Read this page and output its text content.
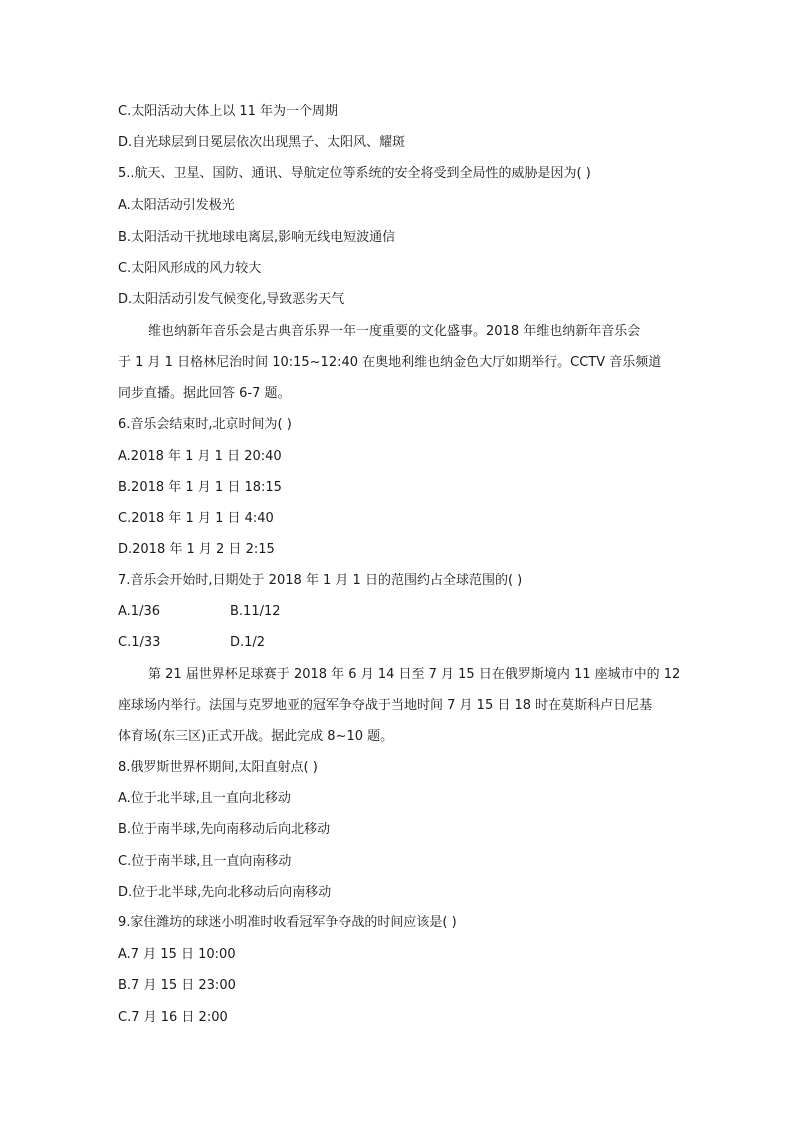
C.太阳活动大体上以 11 年为一个周期
D.自光球层到日冕层依次出现黑子、太阳风、耀斑
5..航天、卫星、国防、通讯、导航定位等系统的安全将受到全局性的威胁是因为( )
A.太阳活动引发极光
B.太阳活动干扰地球电离层,影响无线电短波通信
C.太阳风形成的风力较大
D.太阳活动引发气候变化,导致恶劣天气
维也纳新年音乐会是古典音乐界一年一度重要的文化盛事。2018 年维也纳新年音乐会
于 1 月 1 日格林尼治时间 10:15~12:40 在奥地利维也纳金色大厅如期举行。CCTV 音乐频道
同步直播。据此回答 6-7 题。
6.音乐会结束时,北京时间为( )
A.2018 年 1 月 1 日 20:40
B.2018 年 1 月 1 日 18:15
C.2018 年 1 月 1 日 4:40
D.2018 年 1 月 2 日 2:15
7.音乐会开始时,日期处于 2018 年 1 月 1 日的范围约占全球范围的( )
A.1/36	B.11/12
C.1/33	D.1/2
第 21 届世界杯足球赛于 2018 年 6 月 14 日至 7 月 15 日在俄罗斯境内 11 座城市中的 12
座球场内举行。法国与克罗地亚的冠军争夺战于当地时间 7 月 15 日 18 时在莫斯科卢日尼基
体育场(东三区)正式开战。据此完成 8~10 题。
8.俄罗斯世界杯期间,太阳直射点( )
A.位于北半球,且一直向北移动
B.位于南半球,先向南移动后向北移动
C.位于南半球,且一直向南移动
D.位于北半球,先向北移动后向南移动
9.家住潍坊的球迷小明准时收看冠军争夺战的时间应该是( )
A.7 月 15 日 10:00
B.7 月 15 日 23:00
C.7 月 16 日 2:00
